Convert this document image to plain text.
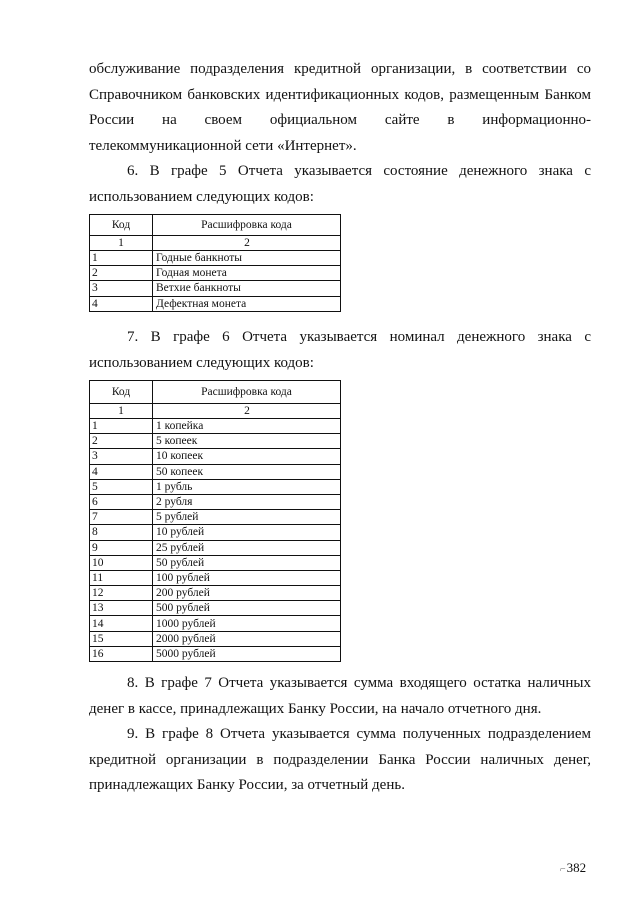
обслуживание подразделения кредитной организации, в соответствии со
Справочником банковских идентификационных кодов, размещенным Банком
России на своем официальном сайте в информационно-
телекоммуникационной сети «Интернет».

6. В графе 5 Отчета указывается состояние денежного знака с
использованием следующих кодов:

Код	Расшифровка кода
1	2
1	Годные банкноты
2	Годная монета
3	Ветхие банкноты
4	Дефектная монета

7. В графе 6 Отчета указывается номинал денежного знака с
использованием следующих кодов:

Код	Расшифровка кода
1	2
1	1 копейка
2	5 копеек
3	10 копеек
4	50 копеек
5	1 рубль
6	2 рубля
7	5 рублей
8	10 рублей
9	25 рублей
10	50 рублей
11	100 рублей
12	200 рублей
13	500 рублей
14	1000 рублей
15	2000 рублей
16	5000 рублей

8. В графе 7 Отчета указывается сумма входящего остатка наличных
денег в кассе, принадлежащих Банку России, на начало отчетного дня.

9. В графе 8 Отчета указывается сумма полученных подразделением
кредитной организации в подразделении Банка России наличных денег,
принадлежащих Банку России, за отчетный день.

⌐382
